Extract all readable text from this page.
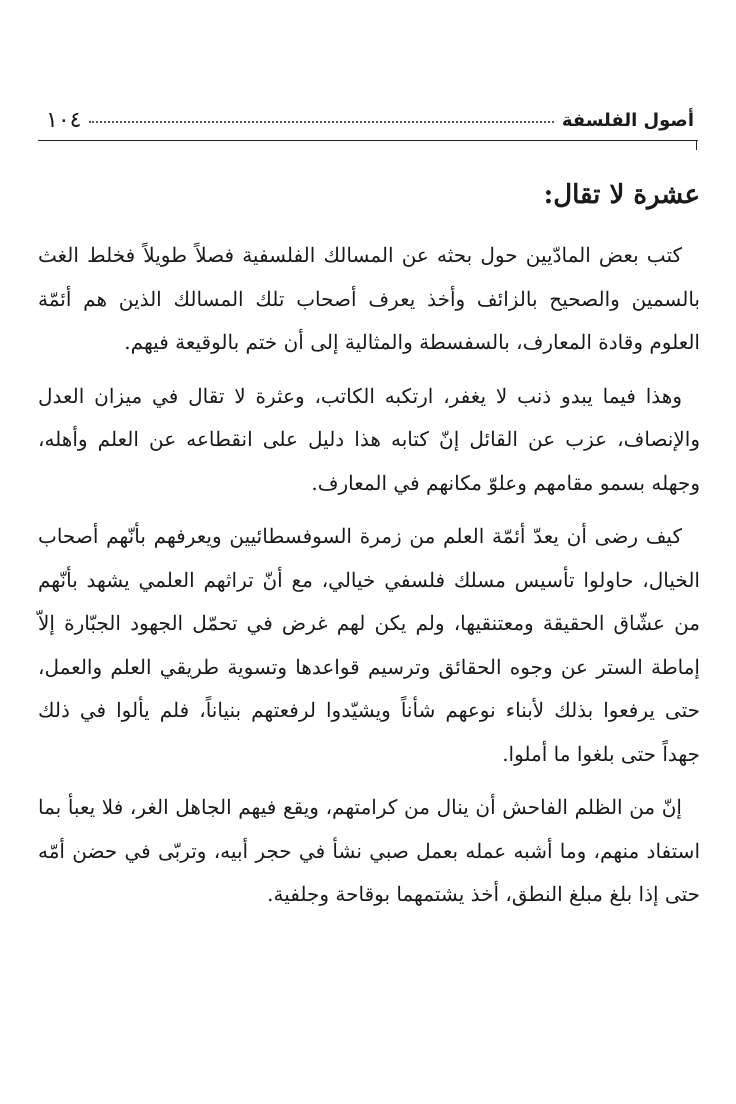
١٠٤	أصول الفلسفة
عشرة لا تقال:

كتب بعض المادّيين حول بحثه عن المسالك الفلسفية فصلاً طويلاً فخلط الغث بالسمين والصحيح بالزائف وأخذ يعرف أصحاب تلك المسالك الذين هم أئمّة العلوم وقادة المعارف، بالسفسطة والمثالية إلى أن ختم بالوقيعة فيهم.

وهذا فيما يبدو ذنب لا يغفر، ارتكبه الكاتب، وعثرة لا تقال في ميزان العدل والإنصاف، عزب عن القائل إنّ كتابه هذا دليل على انقطاعه عن العلم وأهله، وجهله بسمو مقامهم وعلوّ مكانهم في المعارف.

كيف رضى أن يعدّ أئمّة العلم من زمرة السوفسطائيين ويعرفهم بأنّهم أصحاب الخيال، حاولوا تأسيس مسلك فلسفي خيالي، مع أنّ تراثهم العلمي يشهد بأنّهم من عشّاق الحقيقة ومعتنقيها، ولم يكن لهم غرض في تحمّل الجهود الجبّارة إلاّ إماطة الستر عن وجوه الحقائق وترسيم قواعدها وتسوية طريقي العلم والعمل، حتى يرفعوا بذلك لأبناء نوعهم شأناً ويشيّدوا لرفعتهم بنياناً، فلم يألوا في ذلك جهداً حتى بلغوا ما أملوا.

إنّ من الظلم الفاحش أن ينال من كرامتهم، ويقع فيهم الجاهل الغر، فلا يعبأ بما استفاد منهم، وما أشبه عمله بعمل صبي نشأ في حجر أبيه، وتربّى في حضن أمّه حتى إذا بلغ مبلغ النطق، أخذ يشتمهما بوقاحة وجلفية.
